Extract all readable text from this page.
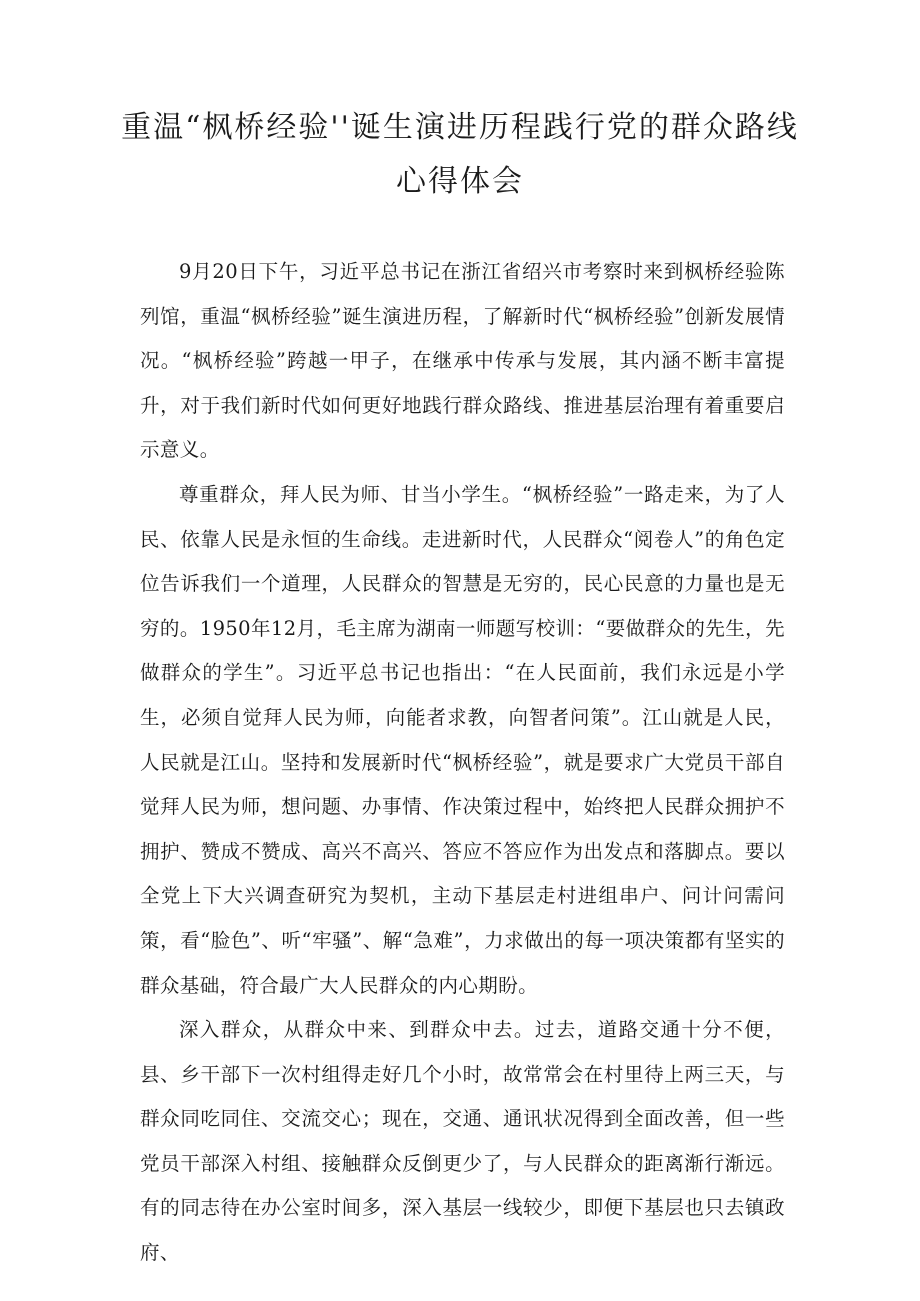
重温“枫桥经验''诞生演进历程践行党的群众路线
心得体会

9月20日下午，习近平总书记在浙江省绍兴市考察时来到枫桥经验陈列馆，重温“枫桥经验”诞生演进历程，了解新时代“枫桥经验”创新发展情况。“枫桥经验”跨越一甲子，在继承中传承与发展，其内涵不断丰富提升，对于我们新时代如何更好地践行群众路线、推进基层治理有着重要启示意义。

尊重群众，拜人民为师、甘当小学生。“枫桥经验”一路走来，为了人民、依靠人民是永恒的生命线。走进新时代，人民群众“阅卷人”的角色定位告诉我们一个道理，人民群众的智慧是无穷的，民心民意的力量也是无穷的。1950年12月，毛主席为湖南一师题写校训：“要做群众的先生，先做群众的学生”。习近平总书记也指出：“在人民面前，我们永远是小学生，必须自觉拜人民为师，向能者求教，向智者问策”。江山就是人民，人民就是江山。坚持和发展新时代“枫桥经验”，就是要求广大党员干部自觉拜人民为师，想问题、办事情、作决策过程中，始终把人民群众拥护不拥护、赞成不赞成、高兴不高兴、答应不答应作为出发点和落脚点。要以全党上下大兴调查研究为契机，主动下基层走村进组串户、问计问需问策，看“脸色”、听“牢骚”、解“急难”，力求做出的每一项决策都有坚实的群众基础，符合最广大人民群众的内心期盼。

深入群众，从群众中来、到群众中去。过去，道路交通十分不便，县、乡干部下一次村组得走好几个小时，故常常会在村里待上两三天，与群众同吃同住、交流交心；现在，交通、通讯状况得到全面改善，但一些党员干部深入村组、接触群众反倒更少了，与人民群众的距离渐行渐远。有的同志待在办公室时间多，深入基层一线较少，即便下基层也只去镇政府、
